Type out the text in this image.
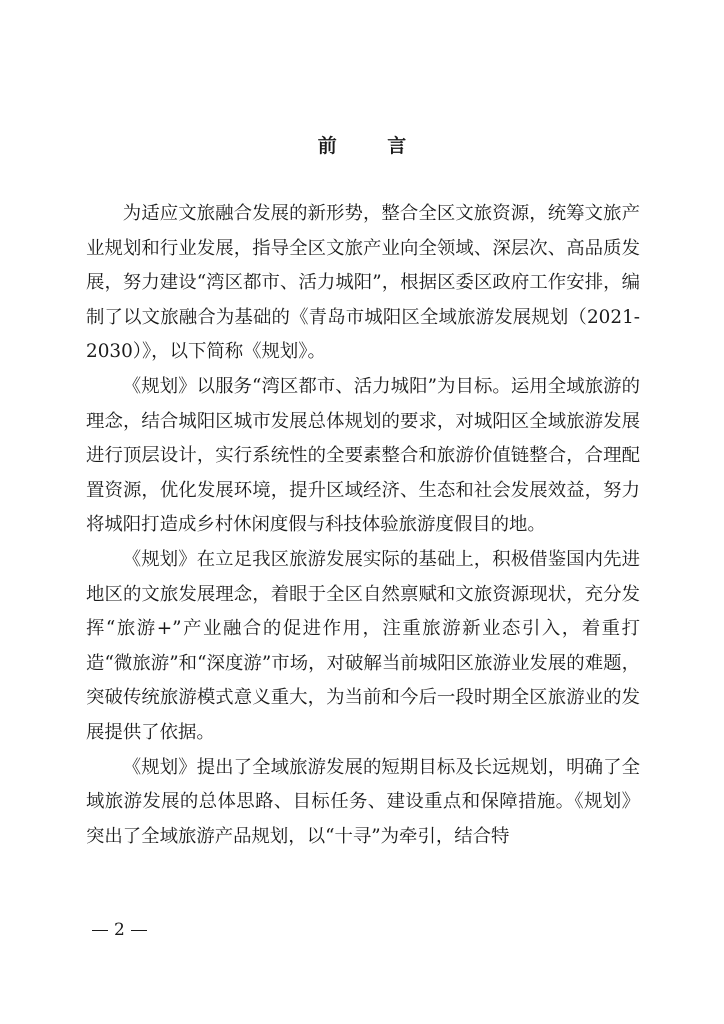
前 言

为适应文旅融合发展的新形势，整合全区文旅资源，统筹文旅产业规划和行业发展，指导全区文旅产业向全领域、深层次、高品质发展，努力建设“湾区都市、活力城阳”，根据区委区政府工作安排，编制了以文旅融合为基础的《青岛市城阳区全域旅游发展规划（2021-2030）》，以下简称《规划》。

《规划》以服务“湾区都市、活力城阳”为目标。运用全域旅游的理念，结合城阳区城市发展总体规划的要求，对城阳区全域旅游发展进行顶层设计，实行系统性的全要素整合和旅游价值链整合，合理配置资源，优化发展环境，提升区域经济、生态和社会发展效益，努力将城阳打造成乡村休闲度假与科技体验旅游度假目的地。

《规划》在立足我区旅游发展实际的基础上，积极借鉴国内先进地区的文旅发展理念，着眼于全区自然禀赋和文旅资源现状，充分发挥“旅游+”产业融合的促进作用，注重旅游新业态引入，着重打造“微旅游”和“深度游”市场，对破解当前城阳区旅游业发展的难题，突破传统旅游模式意义重大，为当前和今后一段时期全区旅游业的发展提供了依据。

《规划》提出了全域旅游发展的短期目标及长远规划，明确了全域旅游发展的总体思路、目标任务、建设重点和保障措施。《规划》突出了全域旅游产品规划，以“十寻”为牵引，结合特

2
